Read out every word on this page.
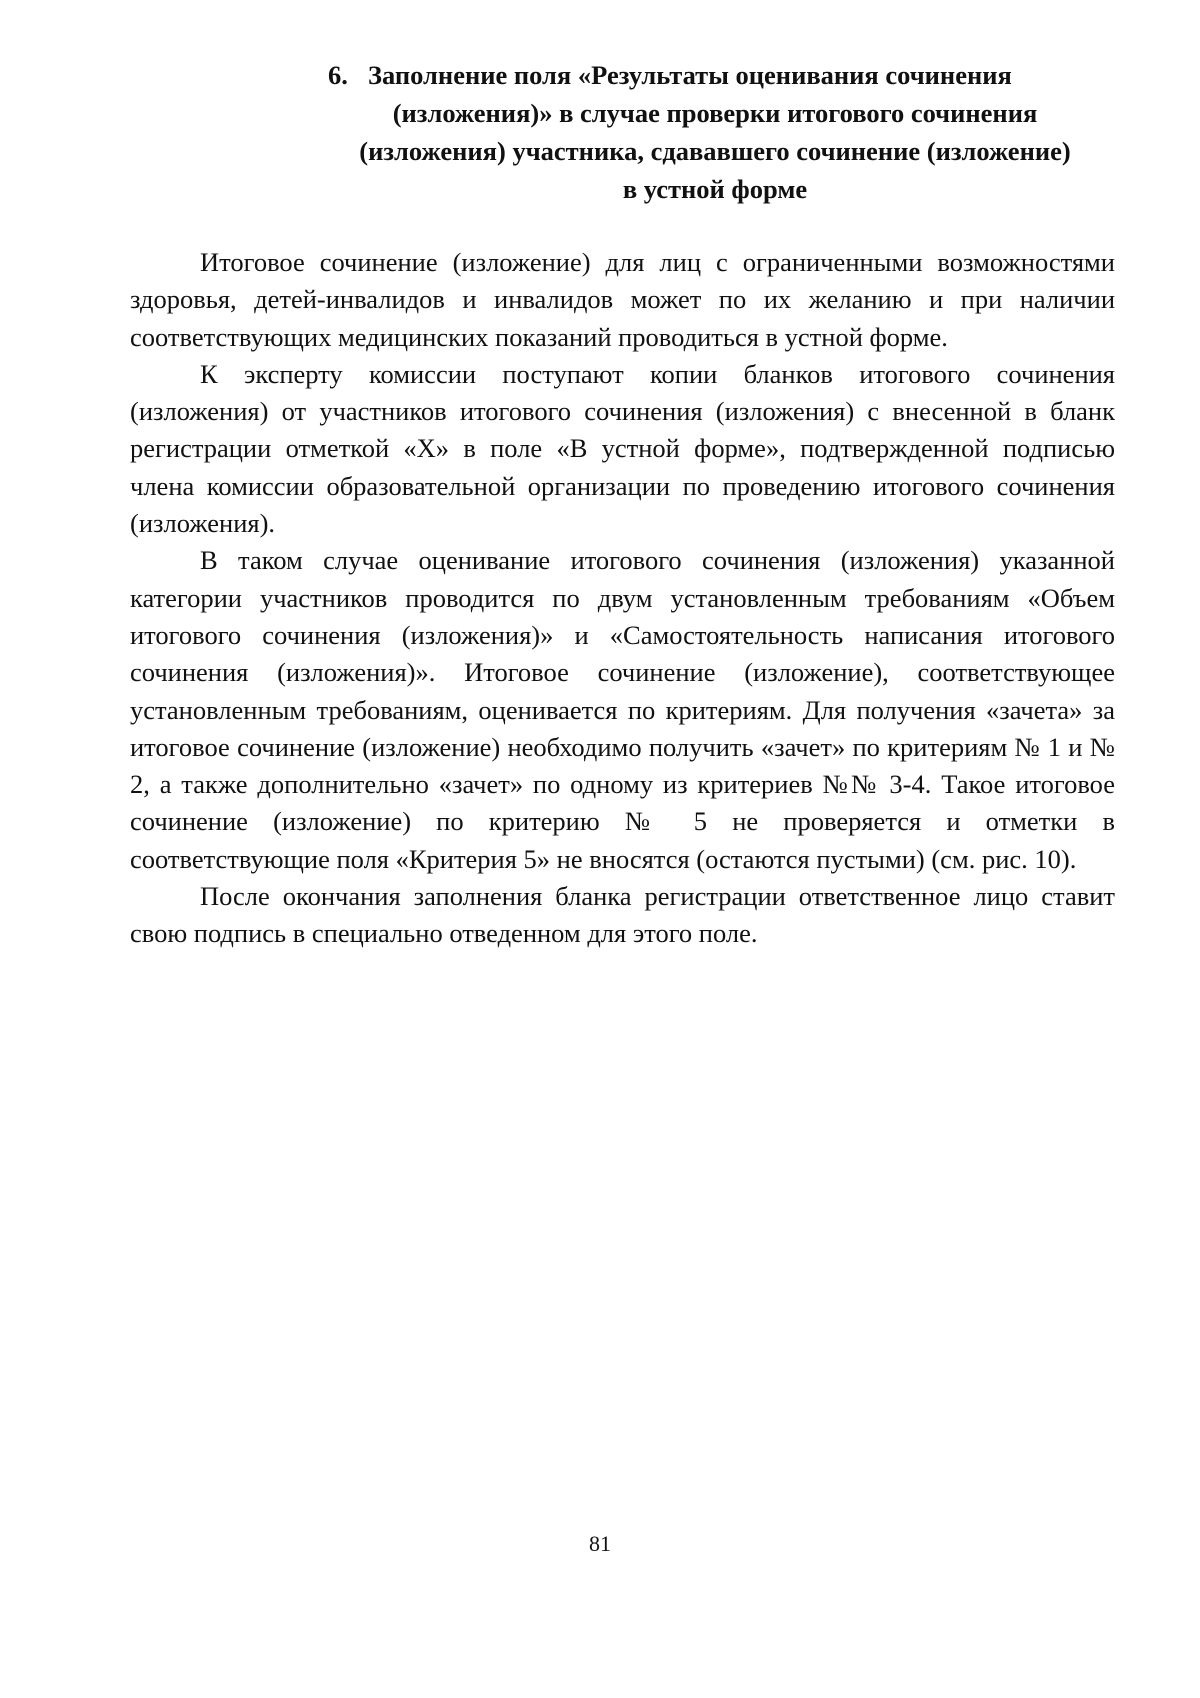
6. Заполнение поля «Результаты оценивания сочинения
(изложения)» в случае проверки итогового сочинения
(изложения) участника, сдававшего сочинение (изложение)
в устной форме

Итоговое сочинение (изложение) для лиц с ограниченными возможностями здоровья, детей-инвалидов и инвалидов может по их желанию и при наличии соответствующих медицинских показаний проводиться в устной форме.

К эксперту комиссии поступают копии бланков итогового сочинения (изложения) от участников итогового сочинения (изложения) с внесенной в бланк регистрации отметкой «Х» в поле «В устной форме», подтвержденной подписью члена комиссии образовательной организации по проведению итогового сочинения (изложения).

В таком случае оценивание итогового сочинения (изложения) указанной категории участников проводится по двум установленным требованиям «Объем итогового сочинения (изложения)» и «Самостоятельность написания итогового сочинения (изложения)». Итоговое сочинение (изложение), соответствующее установленным требованиям, оценивается по критериям. Для получения «зачета» за итоговое сочинение (изложение) необходимо получить «зачет» по критериям № 1 и № 2, а также дополнительно «зачет» по одному из критериев №№ 3-4. Такое итоговое сочинение (изложение) по критерию № 5 не проверяется и отметки в соответствующие поля «Критерия 5» не вносятся (остаются пустыми) (см. рис. 10).

После окончания заполнения бланка регистрации ответственное лицо ставит свою подпись в специально отведенном для этого поле.

81
